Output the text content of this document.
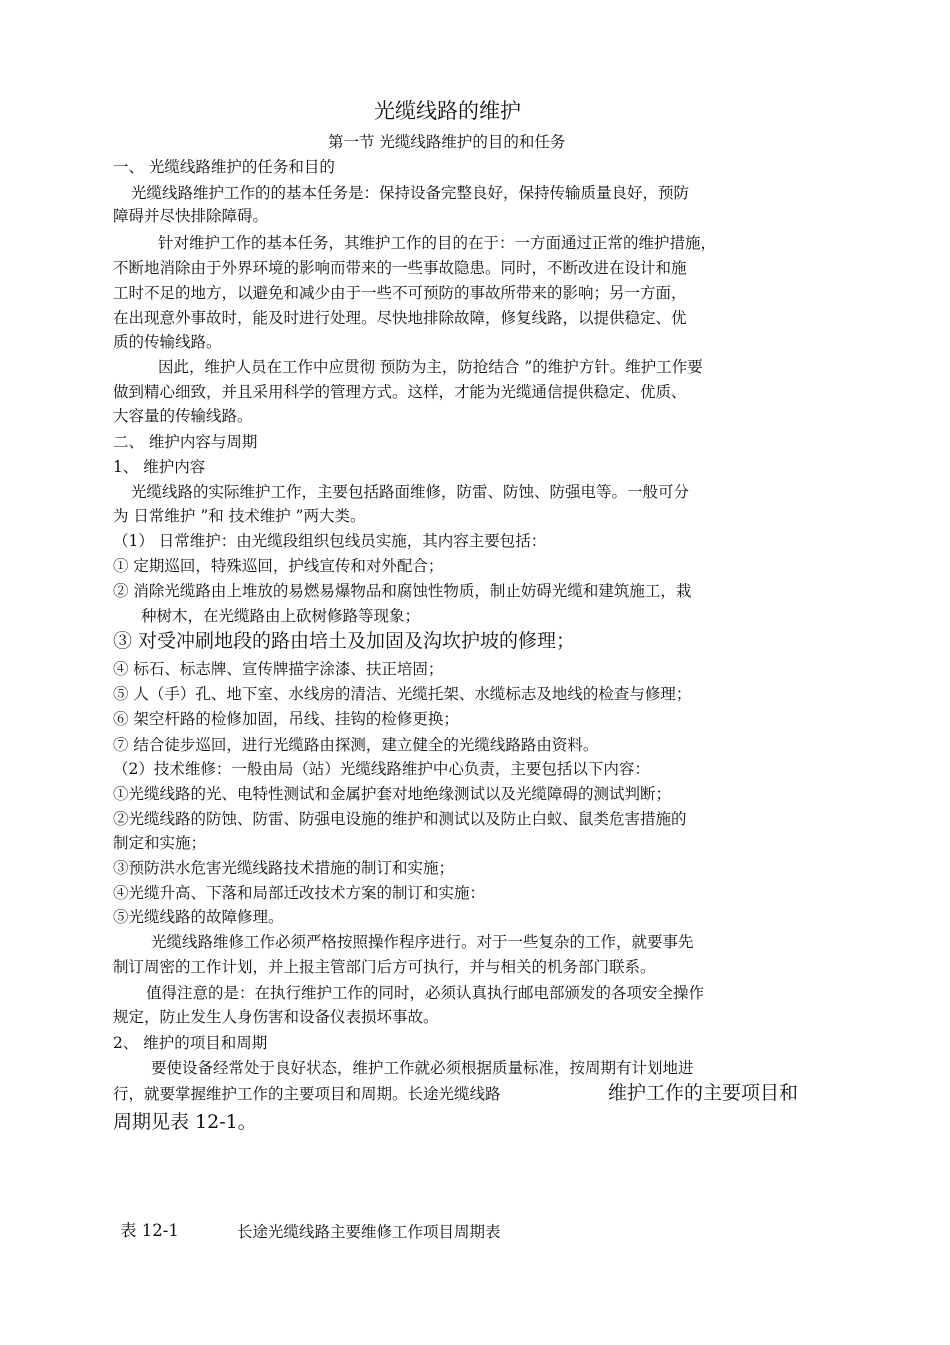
光缆线路的维护
第一节 光缆线路维护的目的和任务
一、 光缆线路维护的任务和目的
光缆线路维护工作的的基本任务是：保持设备完整良好，保持传输质量良好，预防
障碍并尽快排除障碍。
针对维护工作的基本任务，其维护工作的目的在于：一方面通过正常的维护措施，
不断地消除由于外界环境的影响而带来的一些事故隐患。同时，不断改进在设计和施
工时不足的地方，以避免和减少由于一些不可预防的事故所带来的影响；另一方面，
在出现意外事故时，能及时进行处理。尽快地排除故障，修复线路，以提供稳定、优
质的传输线路。
因此，维护人员在工作中应贯彻 预防为主，防抢结合 ”的维护方针。维护工作要
做到精心细致，并且采用科学的管理方式。这样，才能为光缆通信提供稳定、优质、
大容量的传输线路。
二、 维护内容与周期
1、 维护内容
光缆线路的实际维护工作，主要包括路面维修，防雷、防蚀、防强电等。一般可分
为 日常维护 ”和 技术维护 ”两大类。
（1） 日常维护：由光缆段组织包线员实施，其内容主要包括：
① 定期巡回，特殊巡回，护线宣传和对外配合；
② 消除光缆路由上堆放的易燃易爆物品和腐蚀性物质，制止妨碍光缆和建筑施工，栽
种树木，在光缆路由上砍树修路等现象；
③ 对受冲刷地段的路由培土及加固及沟坎护坡的修理；
④ 标石、标志牌、宣传牌描字涂漆、扶正培固；
⑤ 人（手）孔、地下室、水线房的清洁、光缆托架、水缆标志及地线的检查与修理；
⑥ 架空杆路的检修加固，吊线、挂钩的检修更换；
⑦ 结合徒步巡回，进行光缆路由探测，建立健全的光缆线路路由资料。
（2）技术维修：一般由局（站）光缆线路维护中心负责，主要包括以下内容：
①光缆线路的光、电特性测试和金属护套对地绝缘测试以及光缆障碍的测试判断；
②光缆线路的防蚀、防雷、防强电设施的维护和测试以及防止白蚁、鼠类危害措施的
制定和实施；
③预防洪水危害光缆线路技术措施的制订和实施；
④光缆升高、下落和局部迁改技术方案的制订和实施：
⑤光缆线路的故障修理。
光缆线路维修工作必须严格按照操作程序进行。对于一些复杂的工作，就要事先
制订周密的工作计划，并上报主管部门后方可执行，并与相关的机务部门联系。
值得注意的是：在执行维护工作的同时，必须认真执行邮电部颁发的各项安全操作
规定，防止发生人身伤害和设备仪表损坏事故。
2、 维护的项目和周期
要使设备经常处于良好状态，维护工作就必须根据质量标准，按周期有计划地进
行，就要掌握维护工作的主要项目和周期。长途光缆线路	维护工作的主要项目和
周期见表 12-1。
表 12-1	长途光缆线路主要维修工作项目周期表
